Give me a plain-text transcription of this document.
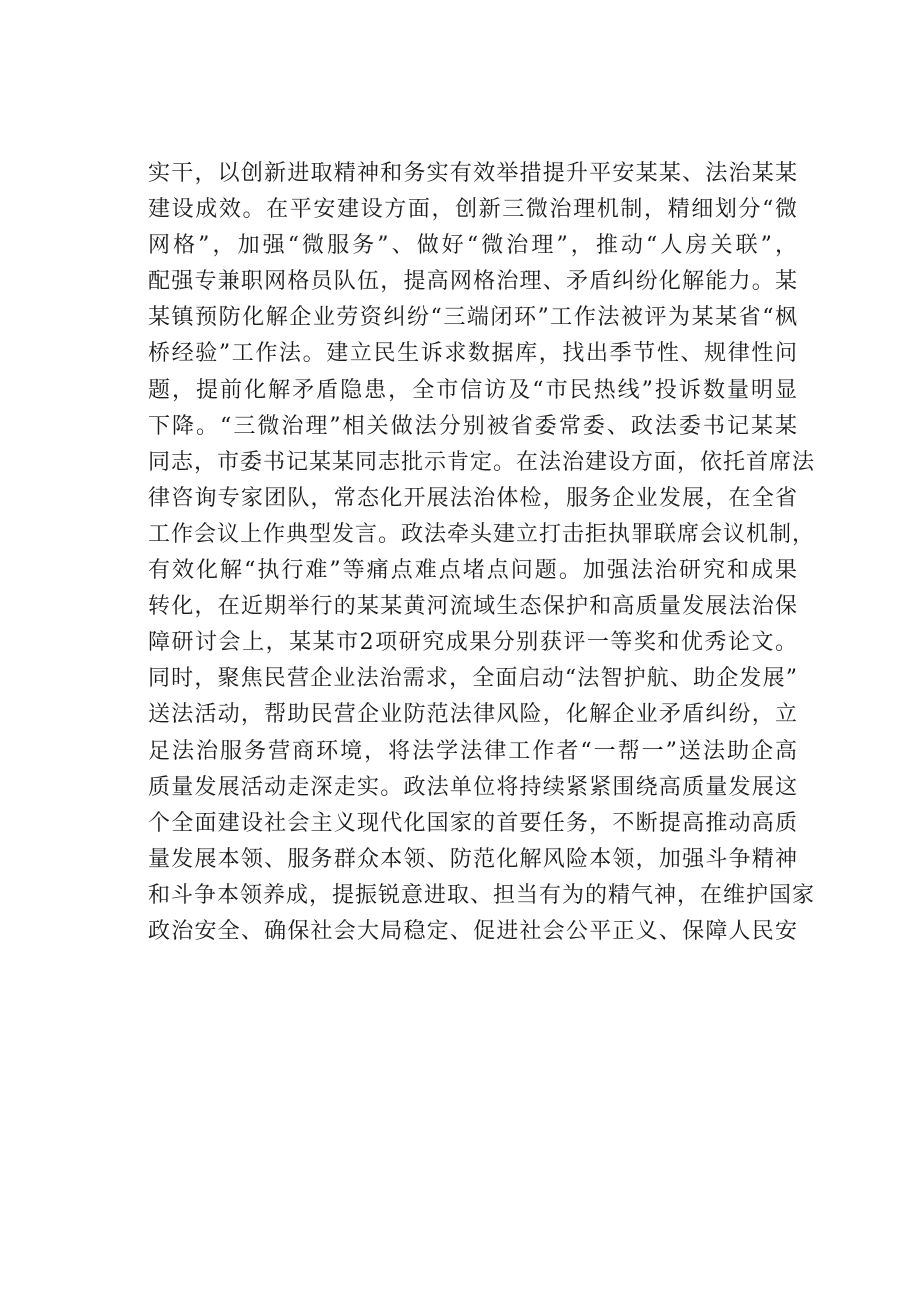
实干，以创新进取精神和务实有效举措提升平安某某、法治某某
建设成效。在平安建设方面，创新三微治理机制，精细划分“微
网格”，加强“微服务”、做好“微治理”，推动“人房关联”，
配强专兼职网格员队伍，提高网格治理、矛盾纠纷化解能力。某
某镇预防化解企业劳资纠纷“三端闭环”工作法被评为某某省“枫
桥经验”工作法。建立民生诉求数据库，找出季节性、规律性问
题，提前化解矛盾隐患，全市信访及“市民热线”投诉数量明显
下降。“三微治理”相关做法分别被省委常委、政法委书记某某
同志，市委书记某某同志批示肯定。在法治建设方面，依托首席法
律咨询专家团队，常态化开展法治体检，服务企业发展，在全省
工作会议上作典型发言。政法牵头建立打击拒执罪联席会议机制，
有效化解“执行难”等痛点难点堵点问题。加强法治研究和成果
转化，在近期举行的某某黄河流域生态保护和高质量发展法治保
障研讨会上，某某市2项研究成果分别获评一等奖和优秀论文。
同时，聚焦民营企业法治需求，全面启动“法智护航、助企发展”
送法活动，帮助民营企业防范法律风险，化解企业矛盾纠纷，立
足法治服务营商环境，将法学法律工作者“一帮一”送法助企高
质量发展活动走深走实。政法单位将持续紧紧围绕高质量发展这
个全面建设社会主义现代化国家的首要任务，不断提高推动高质
量发展本领、服务群众本领、防范化解风险本领，加强斗争精神
和斗争本领养成，提振锐意进取、担当有为的精气神，在维护国家
政治安全、确保社会大局稳定、促进社会公平正义、保障人民安
